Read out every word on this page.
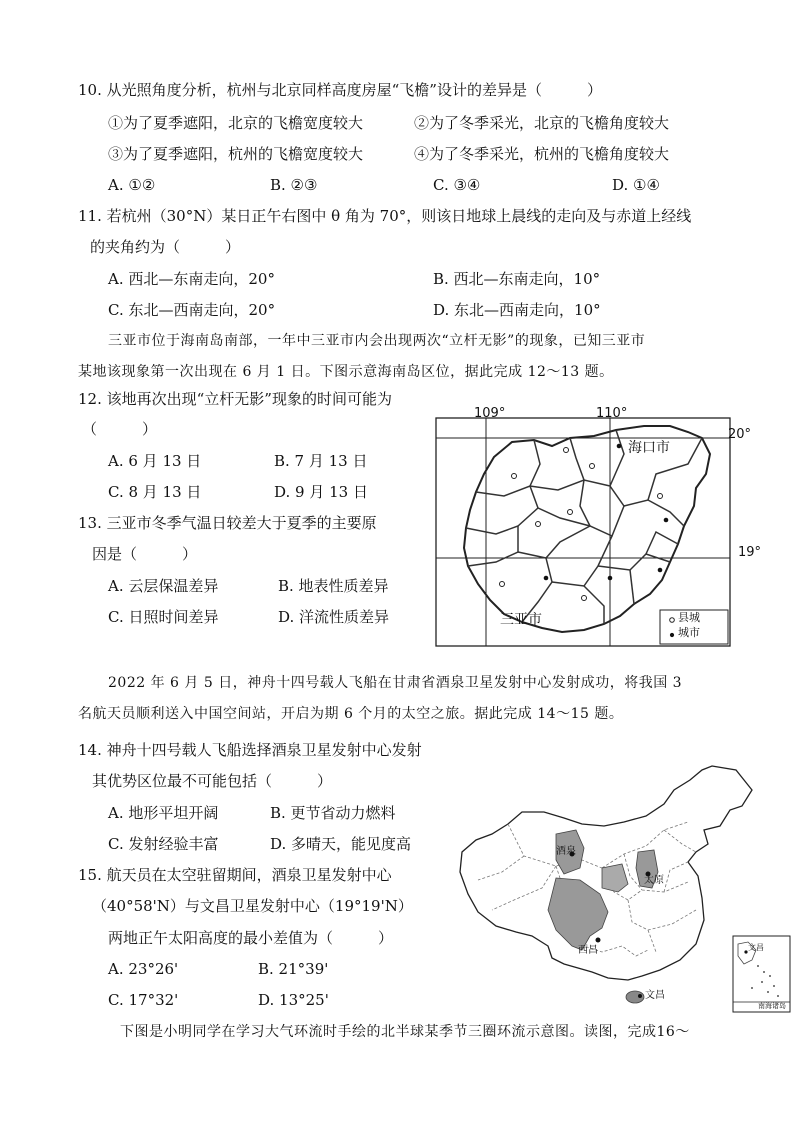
10. 从光照角度分析，杭州与北京同样高度房屋“飞檐”设计的差异是（　　　）
①为了夏季遮阳，北京的飞檐宽度较大	②为了冬季采光，北京的飞檐角度较大
③为了夏季遮阳，杭州的飞檐宽度较大	④为了冬季采光，杭州的飞檐角度较大
A. ①②	B. ②③	C. ③④	D. ①④
11. 若杭州（30°N）某日正午右图中 θ 角为 70°，则该日地球上晨线的走向及与赤道上经线
的夹角约为（　　　）
A. 西北—东南走向，20°	B. 西北—东南走向，10°
C. 东北—西南走向，20°	D. 东北—西南走向，10°
三亚市位于海南岛南部，一年中三亚市内会出现两次“立杆无影”的现象，已知三亚市
某地该现象第一次出现在 6 月 1 日。下图示意海南岛区位，据此完成 12～13 题。
12. 该地再次出现“立杆无影”现象的时间可能为
（　　　）
A. 6 月 13 日	B. 7 月 13 日
C. 8 月 13 日	D. 9 月 13 日
13. 三亚市冬季气温日较差大于夏季的主要原
因是（　　　）
A. 云层保温差异	B. 地表性质差异
C. 日照时间差异	D. 洋流性质差异
109°	110°
20°
19°
海口市
三亚市	县城
城市
2022 年 6 月 5 日，神舟十四号载人飞船在甘肃省酒泉卫星发射中心发射成功，将我国 3
名航天员顺利送入中国空间站，开启为期 6 个月的太空之旅。据此完成 14～15 题。
14. 神舟十四号载人飞船选择酒泉卫星发射中心发射
其优势区位最不可能包括（　　　）
A. 地形平坦开阔	B. 更节省动力燃料
C. 发射经验丰富	D. 多晴天，能见度高
15. 航天员在太空驻留期间，酒泉卫星发射中心
（40°58'N）与文昌卫星发射中心（19°19'N）
两地正午太阳高度的最小差值为（　　　）
A. 23°26'	B. 21°39'
C. 17°32'	D. 13°25'
酒泉
太原
西昌
文昌
文昌
南海诸岛
下图是小明同学在学习大气环流时手绘的北半球某季节三圈环流示意图。读图，完成16～
